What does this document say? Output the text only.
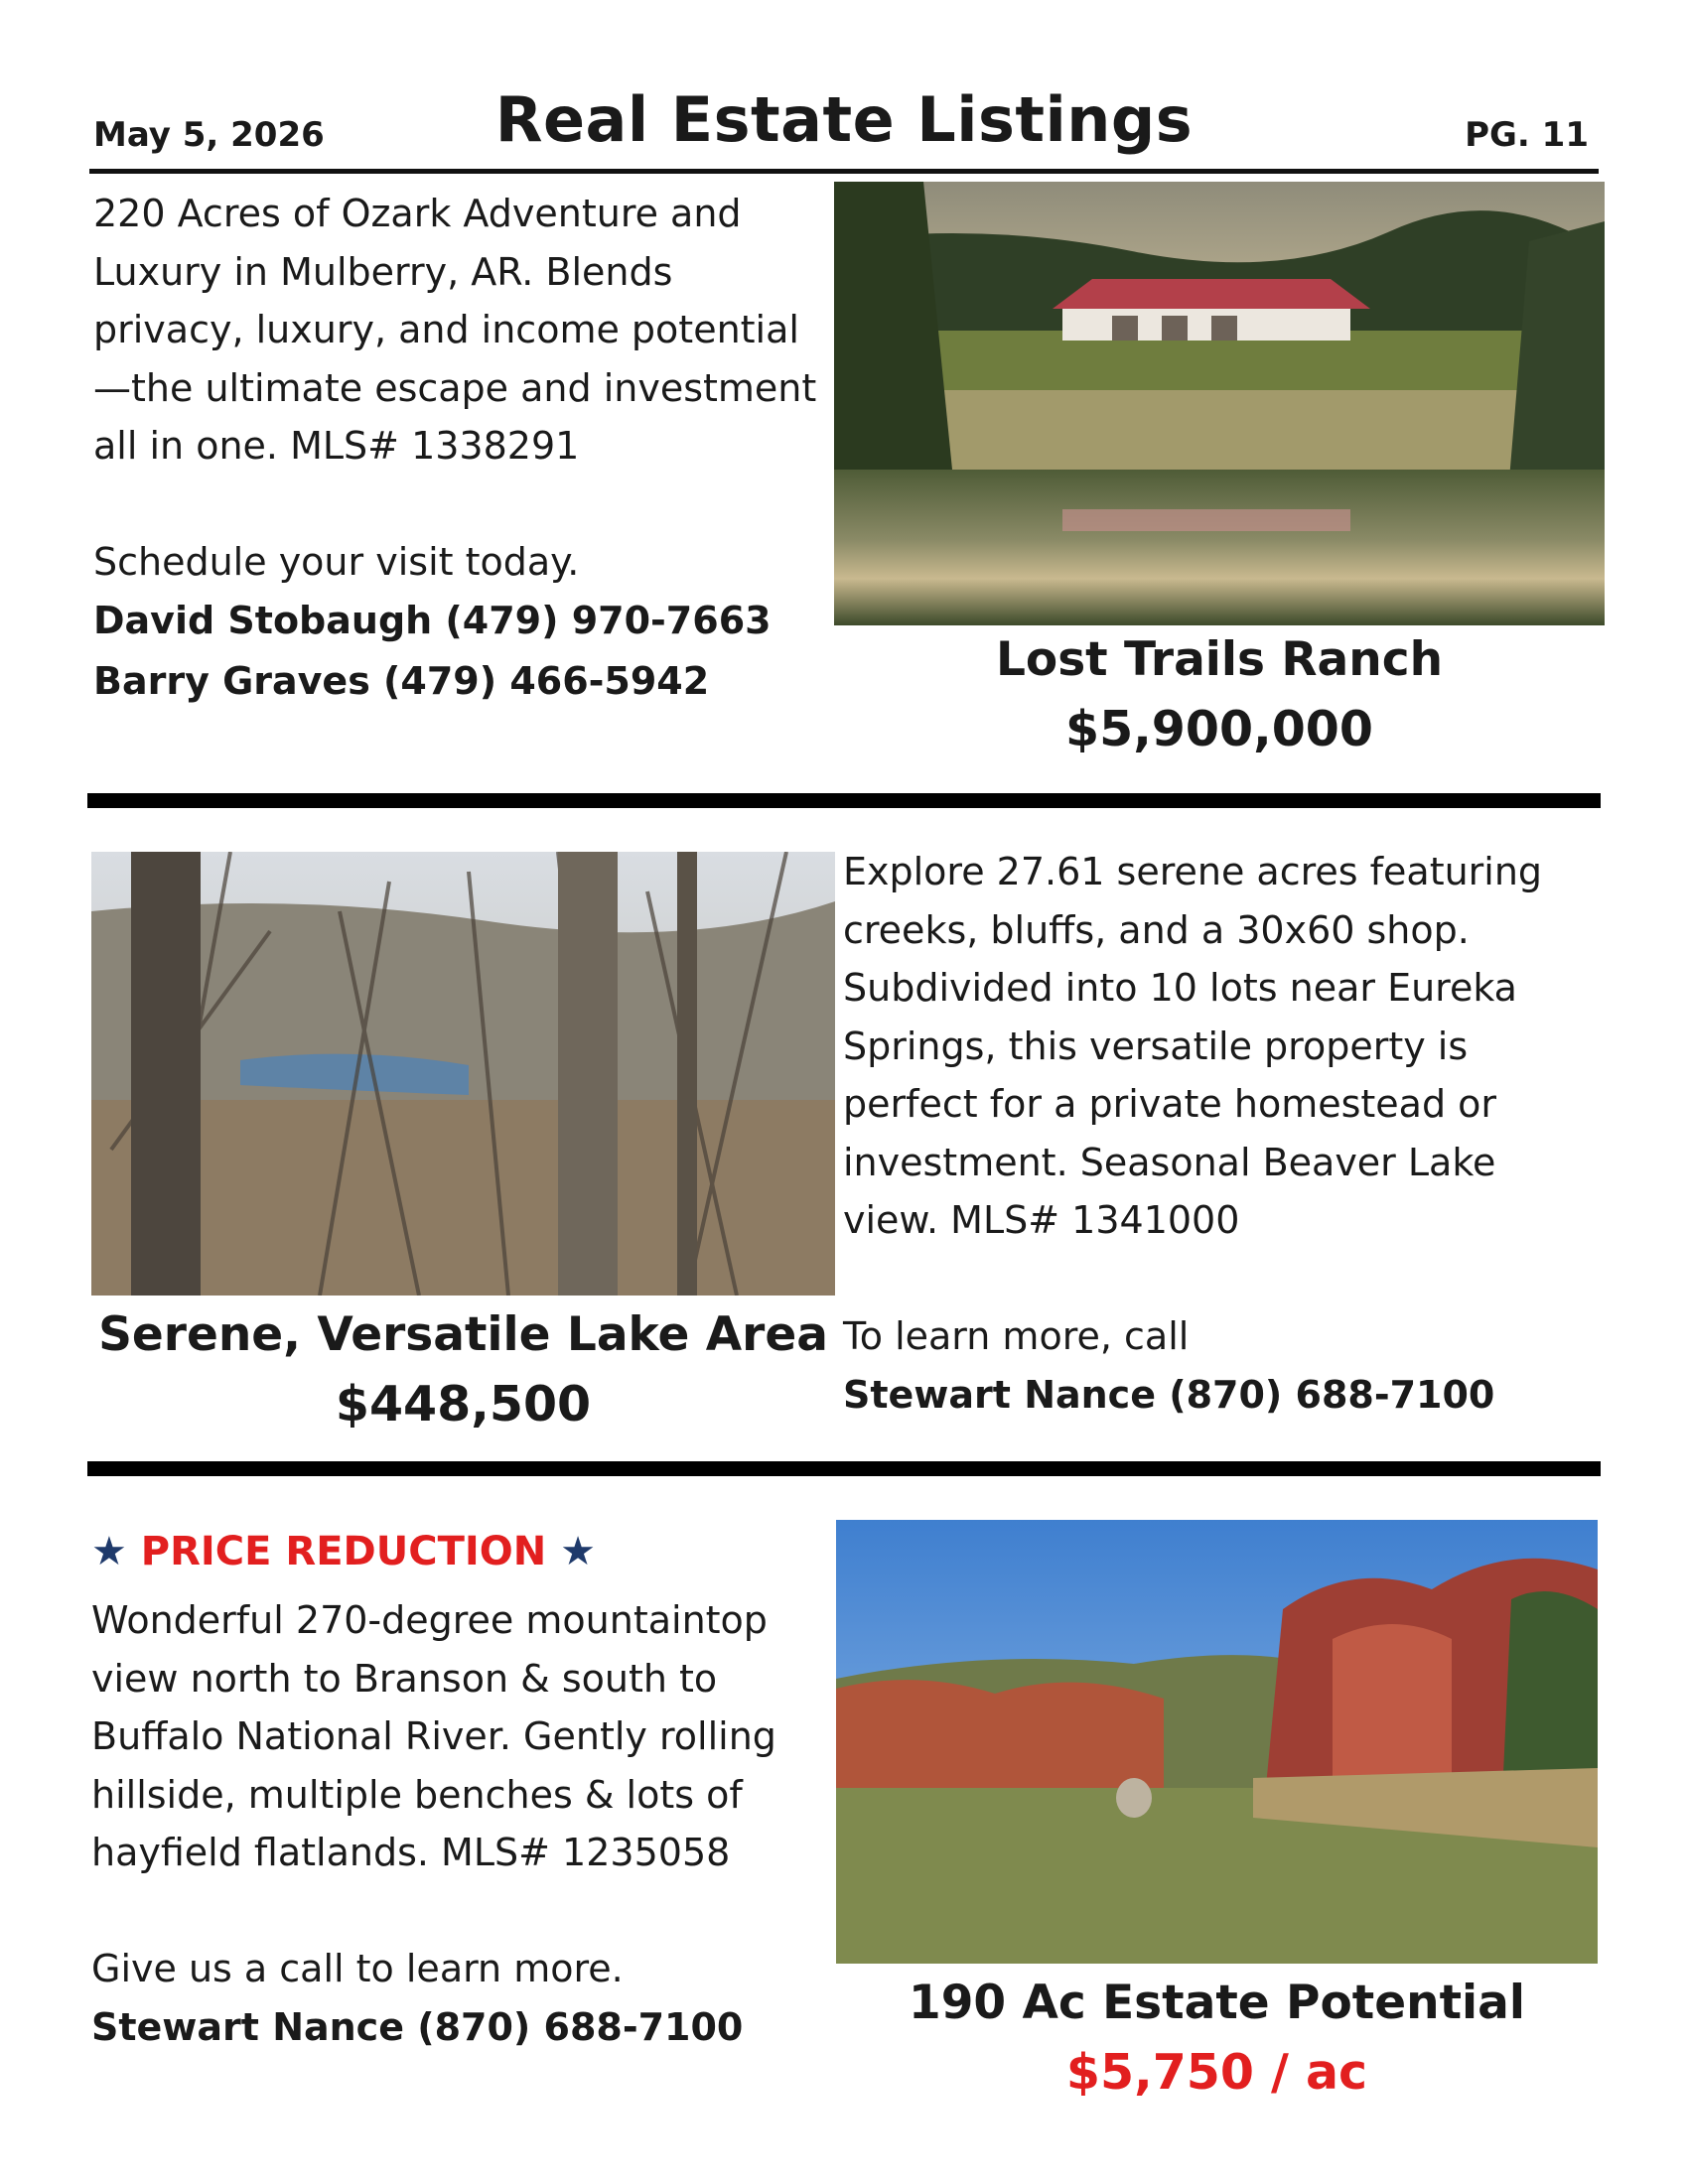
Real Estate Listings
May 5, 2026	PG. 11

220 Acres of Ozark Adventure and Luxury in Mulberry, AR. Blends privacy, luxury, and income potential—the ultimate escape and investment all in one. MLS# 1338291

Schedule your visit today.

David Stobaugh (479) 970-7663
Barry Graves (479) 466-5942	Lost Trails Ranch
$5,900,000
Serene, Versatile Lake Area
$448,500

Explore 27.61 serene acres featuring creeks, bluffs, and a 30x60 shop. Subdivided into 10 lots near Eureka Springs, this versatile property is perfect for a private homestead or investment. Seasonal Beaver Lake view. MLS# 1341000

To learn more, call

Stewart Nance (870) 688-7100
★ PRICE REDUCTION ★

Wonderful 270-degree mountaintop view north to Branson & south to Buffalo National River. Gently rolling hillside, multiple benches & lots of hayfield flatlands. MLS# 1235058

Give us a call to learn more.

Stewart Nance (870) 688-7100	190 Ac Estate Potential
$5,750 / ac
